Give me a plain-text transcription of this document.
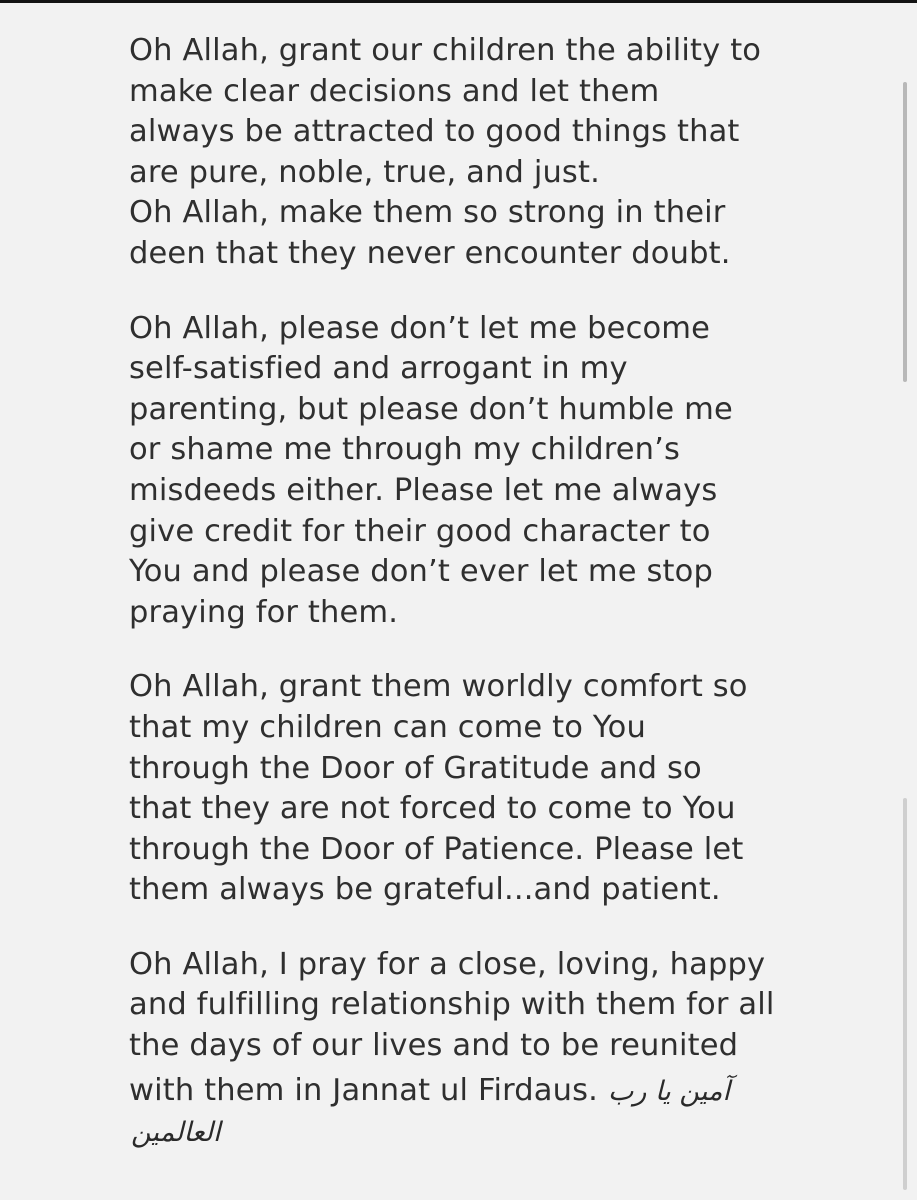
Oh Allah, grant our children the ability to
make clear decisions and let them
always be attracted to good things that
are pure, noble, true, and just.
Oh Allah, make them so strong in their
deen that they never encounter doubt.
Oh Allah, please don’t let me become
self-satisfied and arrogant in my
parenting, but please don’t humble me
or shame me through my children’s
misdeeds either. Please let me always
give credit for their good character to
You and please don’t ever let me stop
praying for them.
Oh Allah, grant them worldly comfort so
that my children can come to You
through the Door of Gratitude and so
that they are not forced to come to You
through the Door of Patience. Please let
them always be grateful...and patient.
Oh Allah, I pray for a close, loving, happy
and fulfilling relationship with them for all
the days of our lives and to be reunited
with them in Jannat ul Firdaus. آمین یا رب
العالمین
